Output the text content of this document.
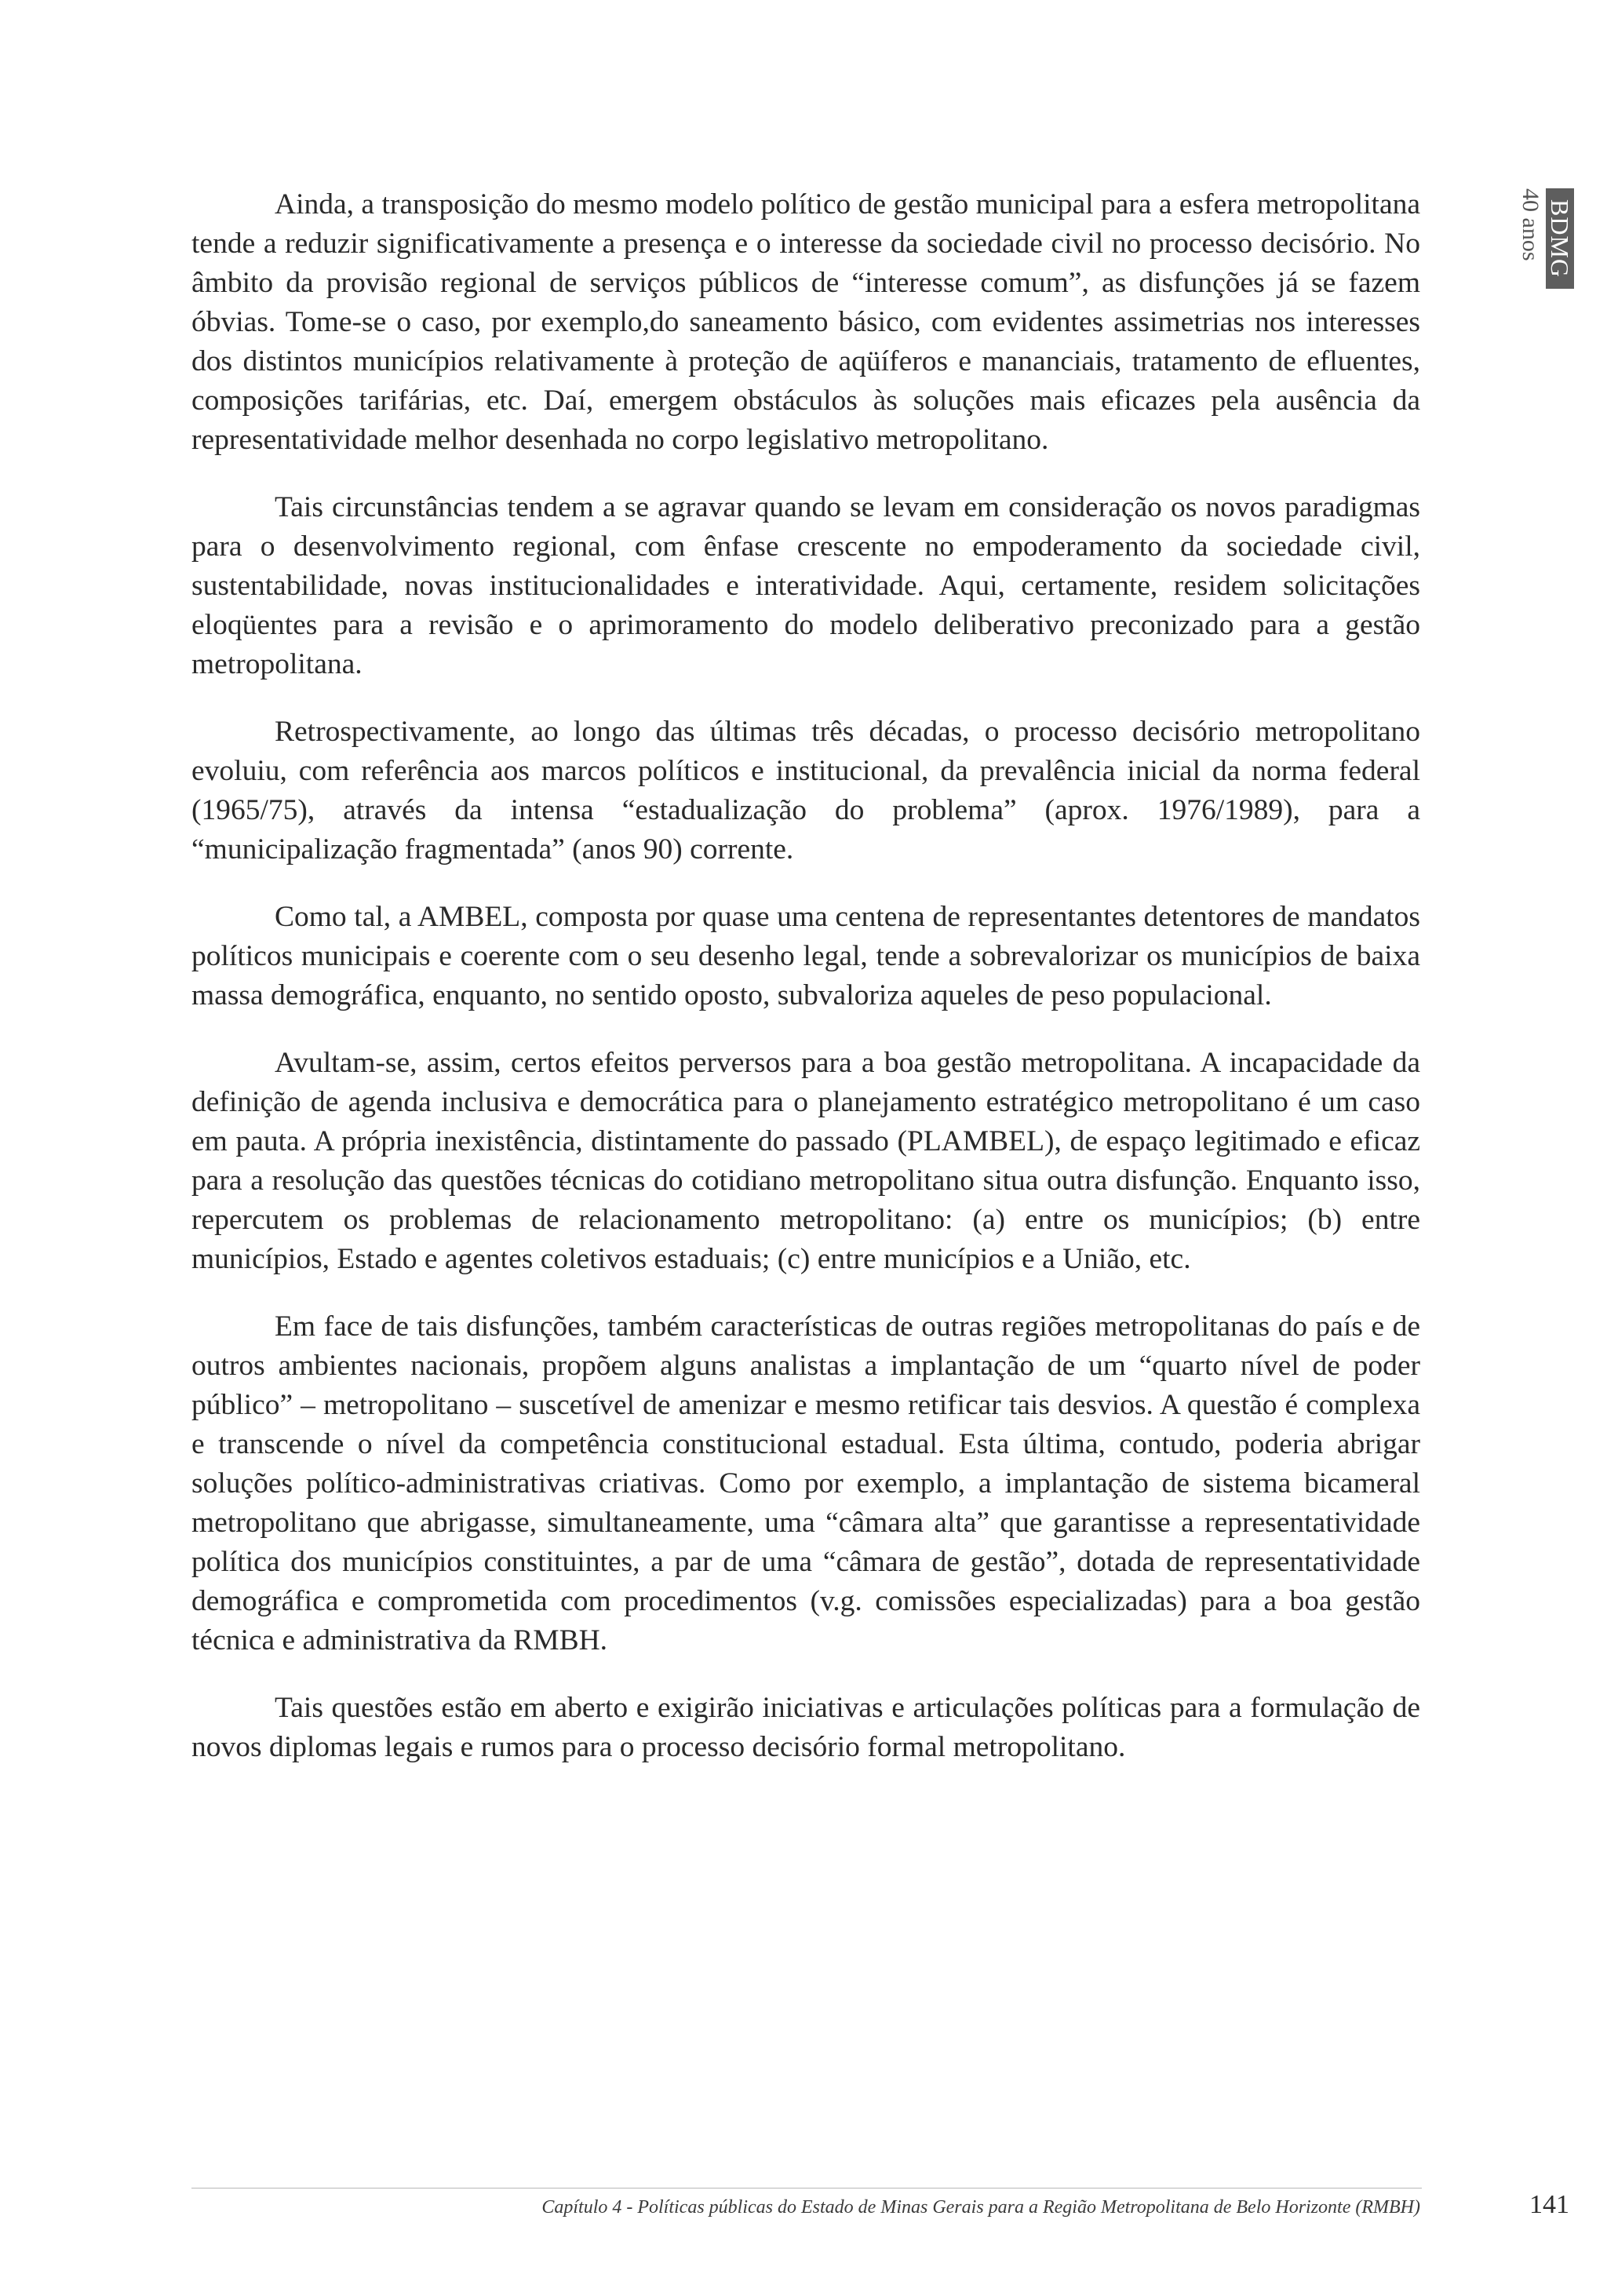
BDMG
40 anos

Ainda, a transposição do mesmo modelo político de gestão municipal para a esfera metropolitana tende a reduzir significativamente a presença e o interesse da sociedade civil no processo decisório. No âmbito da provisão regional de serviços públicos de “interesse comum”, as disfunções já se fazem óbvias. Tome-se o caso, por exemplo,do saneamento básico, com evidentes assimetrias nos interesses dos distintos municípios relativamente à proteção de aqüíferos e mananciais, tratamento de efluentes, composições tarifárias, etc. Daí, emergem obstáculos às soluções mais eficazes pela ausência da representatividade melhor desenhada no corpo legislativo metropolitano.

Tais circunstâncias tendem a se agravar quando se levam em consideração os novos paradigmas para o desenvolvimento regional, com ênfase crescente no empoderamento da sociedade civil, sustentabilidade, novas institucionalidades e interatividade. Aqui, certamente, residem solicitações eloqüentes para a revisão e o aprimoramento do modelo deliberativo preconizado para a gestão metropolitana.

Retrospectivamente, ao longo das últimas três décadas, o processo decisório metropolitano evoluiu, com referência aos marcos políticos e institucional, da prevalência inicial da norma federal (1965/75), através da intensa “estadualização do problema” (aprox. 1976/1989), para a “municipalização fragmentada” (anos 90) corrente.

Como tal, a AMBEL, composta por quase uma centena de representantes detentores de mandatos políticos municipais e coerente com o seu desenho legal, tende a sobrevalorizar os municípios de baixa massa demográfica, enquanto, no sentido oposto, subvaloriza aqueles de peso populacional.

Avultam-se, assim, certos efeitos perversos para a boa gestão metropolitana. A incapacidade da definição de agenda inclusiva e democrática para o planejamento estratégico metropolitano é um caso em pauta. A própria inexistência, distintamente do passado (PLAMBEL), de espaço legitimado e eficaz para a resolução das questões técnicas do cotidiano metropolitano situa outra disfunção. Enquanto isso, repercutem os problemas de relacionamento metropolitano: (a) entre os municípios; (b) entre municípios, Estado e agentes coletivos estaduais; (c) entre municípios e a União, etc.

Em face de tais disfunções, também características de outras regiões metropolitanas do país e de outros ambientes nacionais, propõem alguns analistas a implantação de um “quarto nível de poder público” – metropolitano – suscetível de amenizar e mesmo retificar tais desvios. A questão é complexa e transcende o nível da competência constitucional estadual. Esta última, contudo, poderia abrigar soluções político-administrativas criativas. Como por exemplo, a implantação de sistema bicameral metropolitano que abrigasse, simultaneamente, uma “câmara alta” que garantisse a representatividade política dos municípios constituintes, a par de uma “câmara de gestão”, dotada de representatividade demográfica e comprometida com procedimentos (v.g. comissões especializadas) para a boa gestão técnica e administrativa da RMBH.

Tais questões estão em aberto e exigirão iniciativas e articulações políticas para a formulação de novos diplomas legais e rumos para o processo decisório formal metropolitano.

Capítulo 4 - Políticas públicas do Estado de Minas Gerais para a Região Metropolitana de Belo Horizonte (RMBH)	141
